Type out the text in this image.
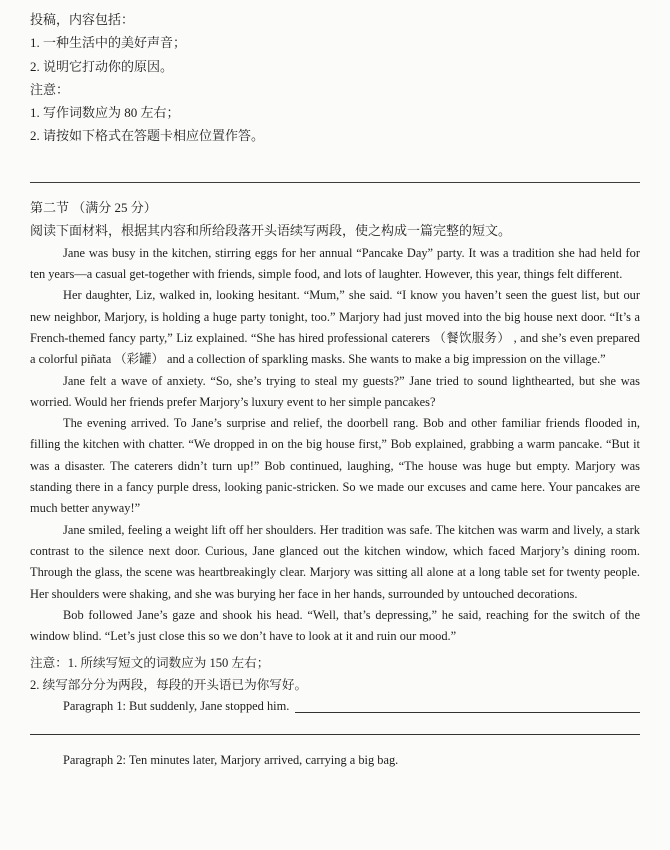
投稿，内容包括：

1. 一种生活中的美好声音；

2. 说明它打动你的原因。

注意：

1. 写作词数应为 80 左右；

2. 请按如下格式在答题卡相应位置作答。

第二节 （满分 25 分）

阅读下面材料，根据其内容和所给段落开头语续写两段，使之构成一篇完整的短文。

Jane was busy in the kitchen, stirring eggs for her annual “Pancake Day” party. It was a tradition she had held for ten years—a casual get-together with friends, simple food, and lots of laughter. However, this year, things felt different.

Her daughter, Liz, walked in, looking hesitant. “Mum,” she said. “I know you haven’t seen the guest list, but our new neighbor, Marjory, is holding a huge party tonight, too.” Marjory had just moved into the big house next door. “It’s a French-themed fancy party,” Liz explained. “She has hired professional caterers （餐饮服务） , and she’s even prepared a colorful piñata （彩罐） and a collection of sparkling masks. She wants to make a big impression on the village.”

Jane felt a wave of anxiety. “So, she’s trying to steal my guests?” Jane tried to sound lighthearted, but she was worried. Would her friends prefer Marjory’s luxury event to her simple pancakes?

The evening arrived. To Jane’s surprise and relief, the doorbell rang. Bob and other familiar friends flooded in, filling the kitchen with chatter. “We dropped in on the big house first,” Bob explained, grabbing a warm pancake. “But it was a disaster. The caterers didn’t turn up!” Bob continued, laughing, “The house was huge but empty. Marjory was standing there in a fancy purple dress, looking panic-stricken. So we made our excuses and came here. Your pancakes are much better anyway!”

Jane smiled, feeling a weight lift off her shoulders. Her tradition was safe. The kitchen was warm and lively, a stark contrast to the silence next door. Curious, Jane glanced out the kitchen window, which faced Marjory’s dining room. Through the glass, the scene was heartbreakingly clear. Marjory was sitting all alone at a long table set for twenty people. Her shoulders were shaking, and she was burying her face in her hands, surrounded by untouched decorations.

Bob followed Jane’s gaze and shook his head. “Well, that’s depressing,” he said, reaching for the switch of the window blind. “Let’s just close this so we don’t have to look at it and ruin our mood.”

注意：1. 所续写短文的词数应为 150 左右；

2. 续写部分分为两段，每段的开头语已为你写好。

Paragraph 1: But suddenly, Jane stopped him.
Paragraph 2: Ten minutes later, Marjory arrived, carrying a big bag.
